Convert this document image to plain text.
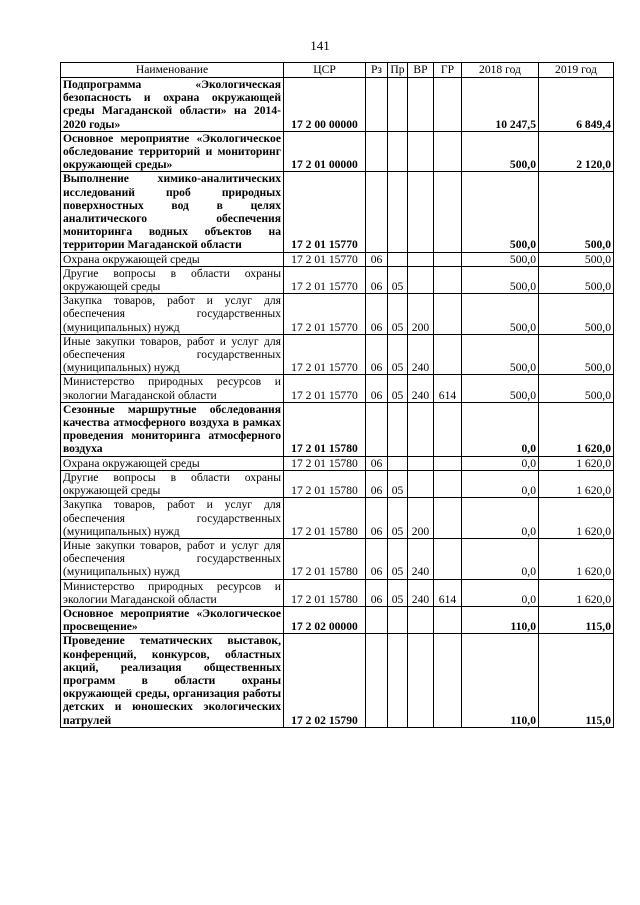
141
Наименование	ЦСР	Рз	Пр	ВР	ГР	2018 год	2019 год
Подпрограмма «Экологическая безопасность и охрана окружающей среды Магаданской области» на 2014-2020 годы»	17 2 00 00000					10 247,5	6 849,4
Основное мероприятие «Экологическое обследование территорий и мониторинг окружающей среды»	17 2 01 00000					500,0	2 120,0
Выполнение химико-аналитических исследований проб природных поверхностных вод в целях аналитического обеспечения мониторинга водных объектов на территории Магаданской области	17 2 01 15770					500,0	500,0
Охрана окружающей среды	17 2 01 15770	06				500,0	500,0
Другие вопросы в области охраны окружающей среды	17 2 01 15770	06	05			500,0	500,0
Закупка товаров, работ и услуг для обеспечения государственных (муниципальных) нужд	17 2 01 15770	06	05	200		500,0	500,0
Иные закупки товаров, работ и услуг для обеспечения государственных (муниципальных) нужд	17 2 01 15770	06	05	240		500,0	500,0
Министерство природных ресурсов и экологии Магаданской области	17 2 01 15770	06	05	240	614	500,0	500,0
Сезонные маршрутные обследования качества атмосферного воздуха в рамках проведения мониторинга атмосферного воздуха	17 2 01 15780					0,0	1 620,0
Охрана окружающей среды	17 2 01 15780	06				0,0	1 620,0
Другие вопросы в области охраны окружающей среды	17 2 01 15780	06	05			0,0	1 620,0
Закупка товаров, работ и услуг для обеспечения государственных (муниципальных) нужд	17 2 01 15780	06	05	200		0,0	1 620,0
Иные закупки товаров, работ и услуг для обеспечения государственных (муниципальных) нужд	17 2 01 15780	06	05	240		0,0	1 620,0
Министерство природных ресурсов и экологии Магаданской области	17 2 01 15780	06	05	240	614	0,0	1 620,0
Основное мероприятие «Экологическое просвещение»	17 2 02 00000					110,0	115,0
Проведение тематических выставок, конференций, конкурсов, областных акций, реализация общественных программ в области охраны окружающей среды, организация работы детских и юношеских экологических патрулей	17 2 02 15790					110,0	115,0
